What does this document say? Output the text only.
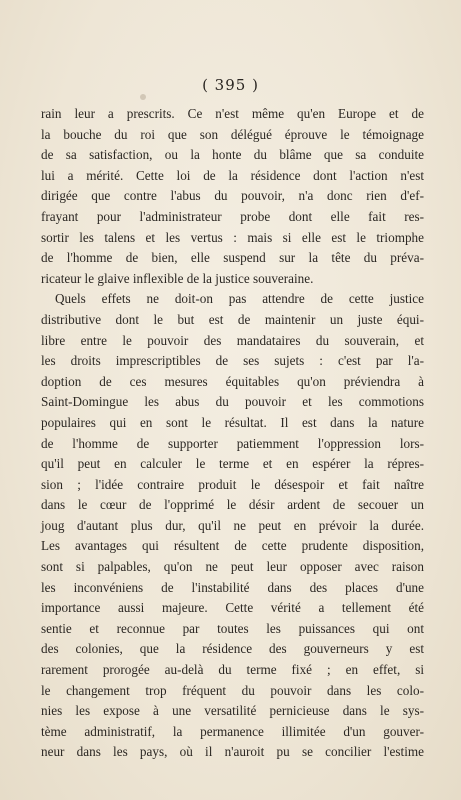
( 395 )
rain leur a prescrits. Ce n'est même qu'en Europe et de
la bouche du roi que son délégué éprouve le témoignage
de sa satisfaction, ou la honte du blâme que sa conduite
lui a mérité. Cette loi de la résidence dont l'action n'est
dirigée que contre l'abus du pouvoir, n'a donc rien d'ef-
frayant pour l'administrateur probe dont elle fait res-
sortir les talens et les vertus : mais si elle est le triomphe
de l'homme de bien, elle suspend sur la tête du préva-
ricateur le glaive inflexible de la justice souveraine.
Quels effets ne doit-on pas attendre de cette justice
distributive dont le but est de maintenir un juste équi-
libre entre le pouvoir des mandataires du souverain, et
les droits imprescriptibles de ses sujets : c'est par l'a-
doption de ces mesures équitables qu'on préviendra à
Saint-Domingue les abus du pouvoir et les commotions
populaires qui en sont le résultat. Il est dans la nature
de l'homme de supporter patiemment l'oppression lors-
qu'il peut en calculer le terme et en espérer la répres-
sion ; l'idée contraire produit le désespoir et fait naître
dans le cœur de l'opprimé le désir ardent de secouer un
joug d'autant plus dur, qu'il ne peut en prévoir la durée.
Les avantages qui résultent de cette prudente disposition,
sont si palpables, qu'on ne peut leur opposer avec raison
les inconvéniens de l'instabilité dans des places d'une
importance aussi majeure. Cette vérité a tellement été
sentie et reconnue par toutes les puissances qui ont
des colonies, que la résidence des gouverneurs y est
rarement prorogée au-delà du terme fixé ; en effet, si
le changement trop fréquent du pouvoir dans les colo-
nies les expose à une versatilité pernicieuse dans le sys-
tème administratif, la permanence illimitée d'un gouver-
neur dans les pays, où il n'auroit pu se concilier l'estime
